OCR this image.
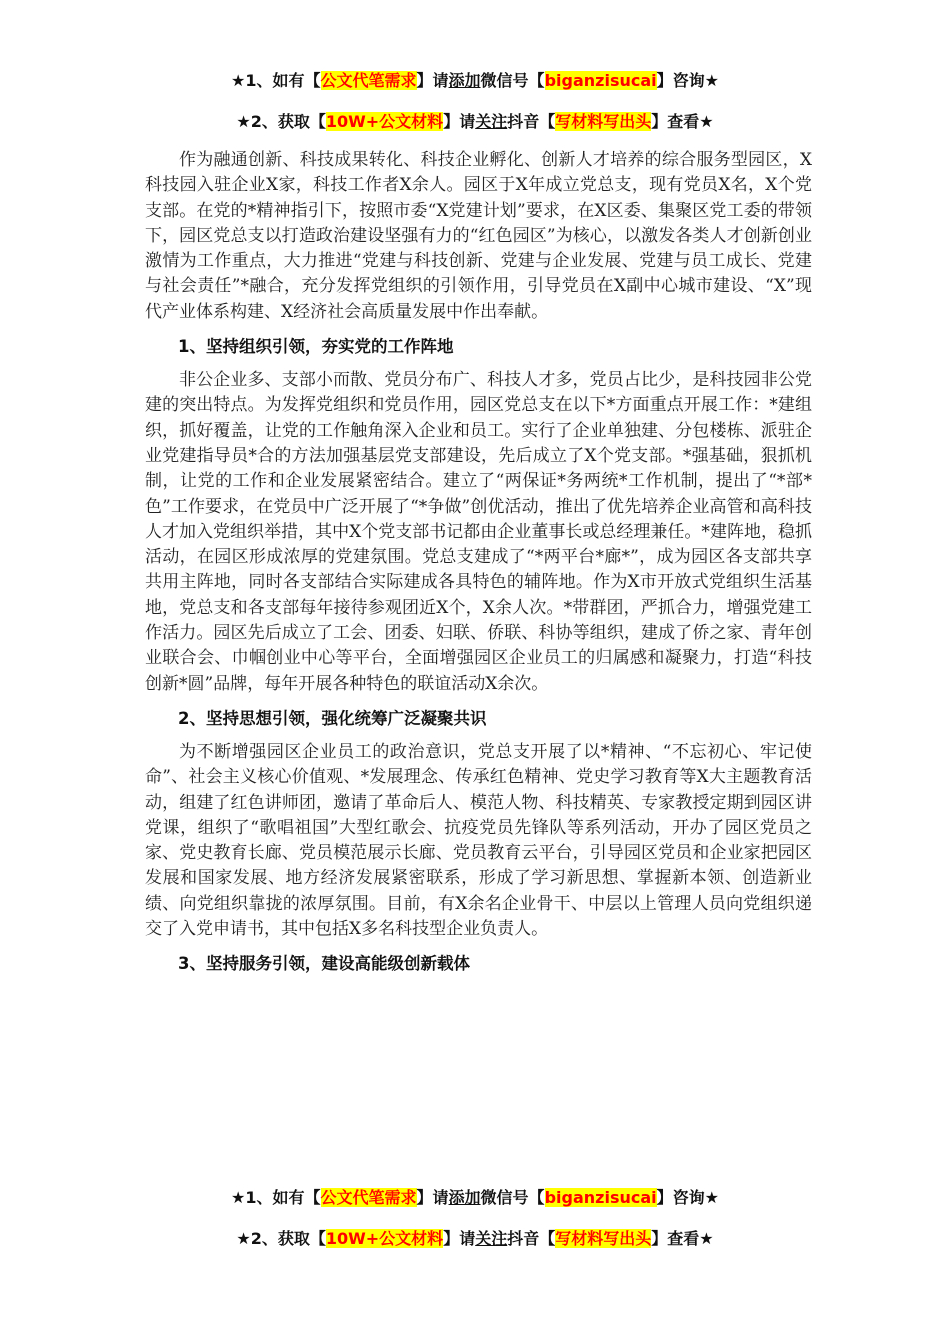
★1、如有【公文代笔需求】请添加微信号【biganzisucai】咨询★
★2、获取【10W+公文材料】请关注抖音【写材料写出头】查看★

作为融通创新、科技成果转化、科技企业孵化、创新人才培养的综合服务型园区，X科技园入驻企业X家，科技工作者X余人。园区于X年成立党总支，现有党员X名，X个党支部。在党的*精神指引下，按照市委“X党建计划”要求，在X区委、集聚区党工委的带领下，园区党总支以打造政治建设坚强有力的“红色园区”为核心，以激发各类人才创新创业激情为工作重点，大力推进“党建与科技创新、党建与企业发展、党建与员工成长、党建与社会责任”*融合，充分发挥党组织的引领作用，引导党员在X副中心城市建设、“X”现代产业体系构建、X经济社会高质量发展中作出奉献。

1、坚持组织引领，夯实党的工作阵地

非公企业多、支部小而散、党员分布广、科技人才多，党员占比少，是科技园非公党建的突出特点。为发挥党组织和党员作用，园区党总支在以下*方面重点开展工作：*建组织，抓好覆盖，让党的工作触角深入企业和员工。实行了企业单独建、分包楼栋、派驻企业党建指导员*合的方法加强基层党支部建设，先后成立了X个党支部。*强基础，狠抓机制，让党的工作和企业发展紧密结合。建立了“两保证*务两统*工作机制，提出了“*部*色”工作要求，在党员中广泛开展了“*争做”创优活动，推出了优先培养企业高管和高科技人才加入党组织举措，其中X个党支部书记都由企业董事长或总经理兼任。*建阵地，稳抓活动，在园区形成浓厚的党建氛围。党总支建成了“*两平台*廊*”，成为园区各支部共享共用主阵地，同时各支部结合实际建成各具特色的辅阵地。作为X市开放式党组织生活基地，党总支和各支部每年接待参观团近X个，X余人次。*带群团，严抓合力，增强党建工作活力。园区先后成立了工会、团委、妇联、侨联、科协等组织，建成了侨之家、青年创业联合会、巾帼创业中心等平台，全面增强园区企业员工的归属感和凝聚力，打造“科技创新*圆”品牌，每年开展各种特色的联谊活动X余次。

2、坚持思想引领，强化统筹广泛凝聚共识

为不断增强园区企业员工的政治意识，党总支开展了以*精神、“不忘初心、牢记使命”、社会主义核心价值观、*发展理念、传承红色精神、党史学习教育等X大主题教育活动，组建了红色讲师团，邀请了革命后人、模范人物、科技精英、专家教授定期到园区讲党课，组织了“歌唱祖国”大型红歌会、抗疫党员先锋队等系列活动，开办了园区党员之家、党史教育长廊、党员模范展示长廊、党员教育云平台，引导园区党员和企业家把园区发展和国家发展、地方经济发展紧密联系，形成了学习新思想、掌握新本领、创造新业绩、向党组织靠拢的浓厚氛围。目前，有X余名企业骨干、中层以上管理人员向党组织递交了入党申请书，其中包括X多名科技型企业负责人。

3、坚持服务引领，建设高能级创新载体

★1、如有【公文代笔需求】请添加微信号【biganzisucai】咨询★
★2、获取【10W+公文材料】请关注抖音【写材料写出头】查看★
